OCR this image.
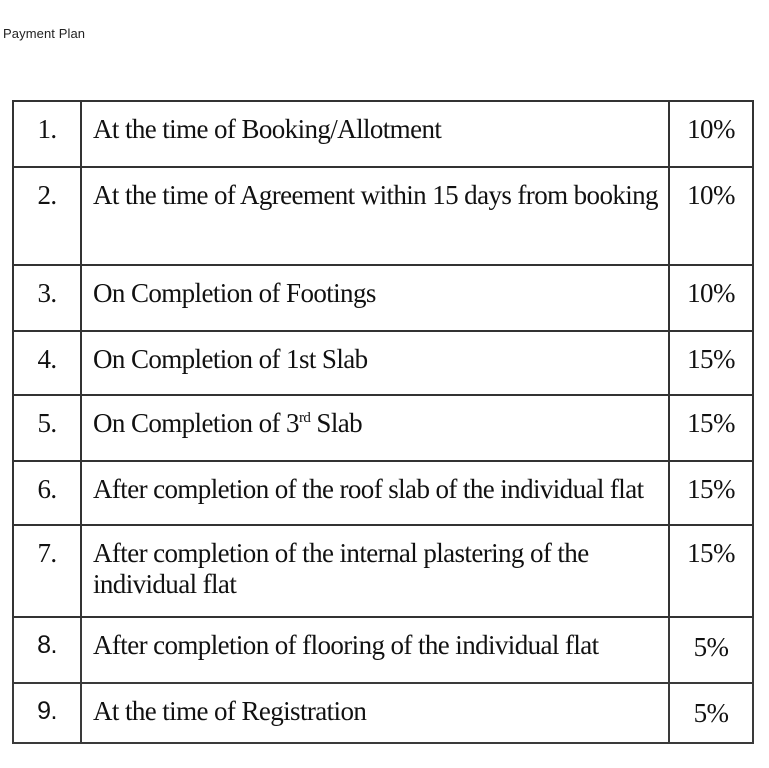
Payment Plan
1.	At the time of Booking/Allotment	10%
2.	At the time of Agreement within 15 days from booking	10%
3.	On Completion of Footings	10%
4.	On Completion of 1st Slab	15%
5.	On Completion of 3rd Slab	15%
6.	After completion of the roof slab of the individual flat	15%
7.	After completion of the internal plastering of the individual flat	15%
8.	After completion of flooring of the individual flat	5%
9.	At the time of Registration	5%
